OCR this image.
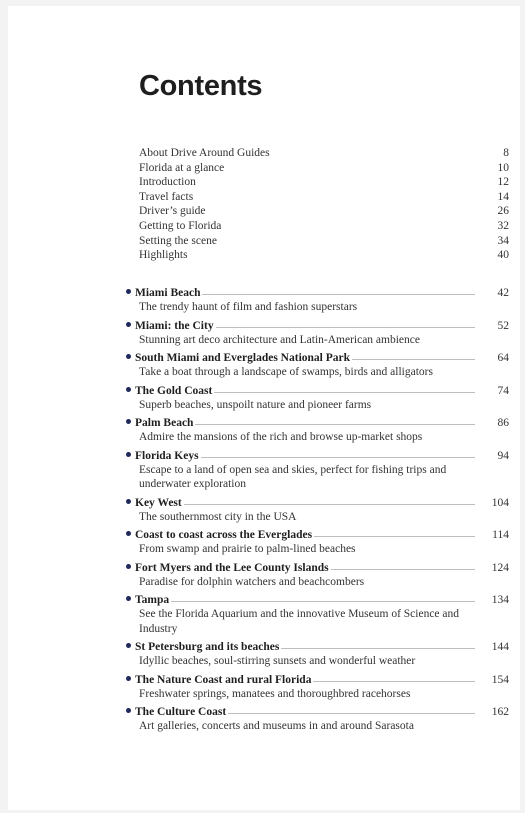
Contents
About Drive Around Guides	8
Florida at a glance	10
Introduction	12
Travel facts	14
Driver’s guide	26
Getting to Florida	32
Setting the scene	34
Highlights	40
Miami Beach	42
The trendy haunt of film and fashion superstars
Miami: the City	52
Stunning art deco architecture and Latin-American ambience
South Miami and Everglades National Park	64
Take a boat through a landscape of swamps, birds and alligators
The Gold Coast	74
Superb beaches, unspoilt nature and pioneer farms
Palm Beach	86
Admire the mansions of the rich and browse up-market shops
Florida Keys	94
Escape to a land of open sea and skies, perfect for fishing trips and underwater exploration
Key West	104
The southernmost city in the USA
Coast to coast across the Everglades	114
From swamp and prairie to palm-lined beaches
Fort Myers and the Lee County Islands	124
Paradise for dolphin watchers and beachcombers
Tampa	134
See the Florida Aquarium and the innovative Museum of Science and Industry
St Petersburg and its beaches	144
Idyllic beaches, soul-stirring sunsets and wonderful weather
The Nature Coast and rural Florida	154
Freshwater springs, manatees and thoroughbred racehorses
The Culture Coast	162
Art galleries, concerts and museums in and around Sarasota
